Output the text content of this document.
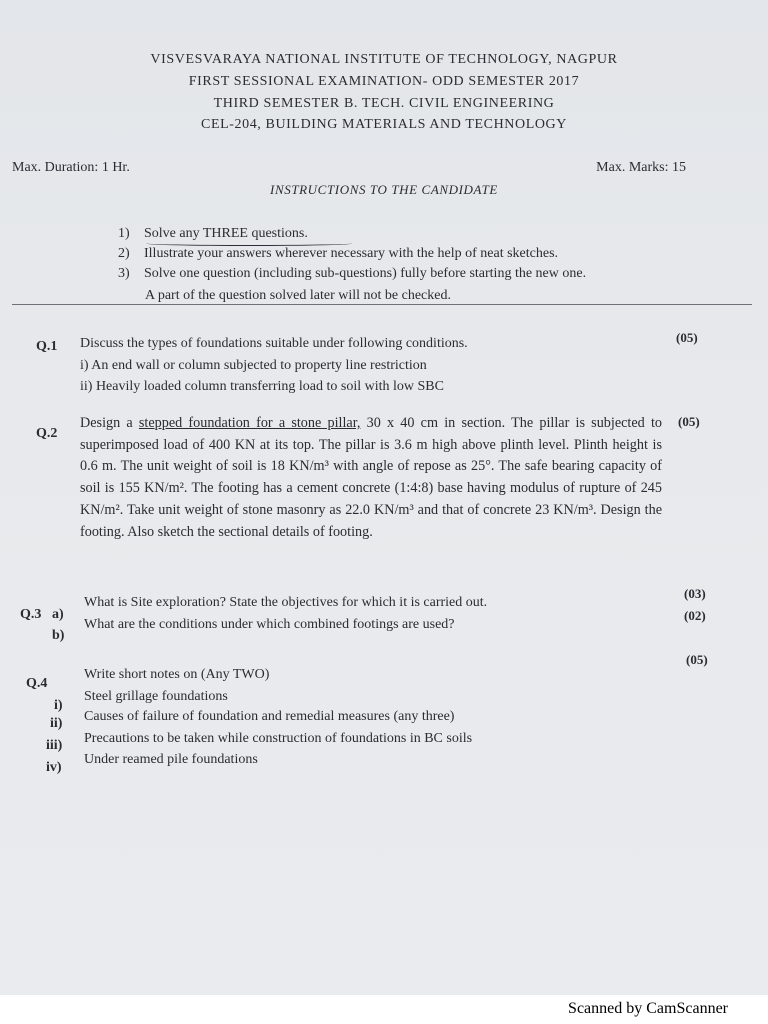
VISVESVARAYA NATIONAL INSTITUTE OF TECHNOLOGY, NAGPUR
FIRST SESSIONAL EXAMINATION- ODD SEMESTER 2017
THIRD SEMESTER B. TECH. CIVIL ENGINEERING
CEL-204, BUILDING MATERIALS AND TECHNOLOGY
Max. Duration: 1 Hr.	Max. Marks: 15
INSTRUCTIONS TO THE CANDIDATE
1) Solve any THREE questions.
2) Illustrate your answers wherever necessary with the help of neat sketches.
3) Solve one question (including sub-questions) fully before starting the new one.
A part of the question solved later will not be checked.
Q.1
(05)
Discuss the types of foundations suitable under following conditions.
i) An end wall or column subjected to property line restriction
ii) Heavily loaded column transferring load to soil with low SBC
Q.2
(05)
Design a stepped foundation for a stone pillar, 30 x 40 cm in section. The pillar is subjected to superimposed load of 400 KN at its top. The pillar is 3.6 m high above plinth level. Plinth height is 0.6 m. The unit weight of soil is 18 KN/m³ with angle of repose as 25°. The safe bearing capacity of soil is 155 KN/m². The footing has a cement concrete (1:4:8) base having modulus of rupture of 245 KN/m². Take unit weight of stone masonry as 22.0 KN/m³ and that of concrete 23 KN/m³. Design the footing. Also sketch the sectional details of footing.
Q.3 a)
What is Site exploration? State the objectives for which it is carried out.
(03)
b)
What are the conditions under which combined footings are used?
(02)
Q.4
(05)
Write short notes on (Any TWO)
i)
Steel grillage foundations
ii) Causes of failure of foundation and remedial measures (any three)
iii) Precautions to be taken while construction of foundations in BC soils
iv)
Under reamed pile foundations
Scanned by CamScanner
